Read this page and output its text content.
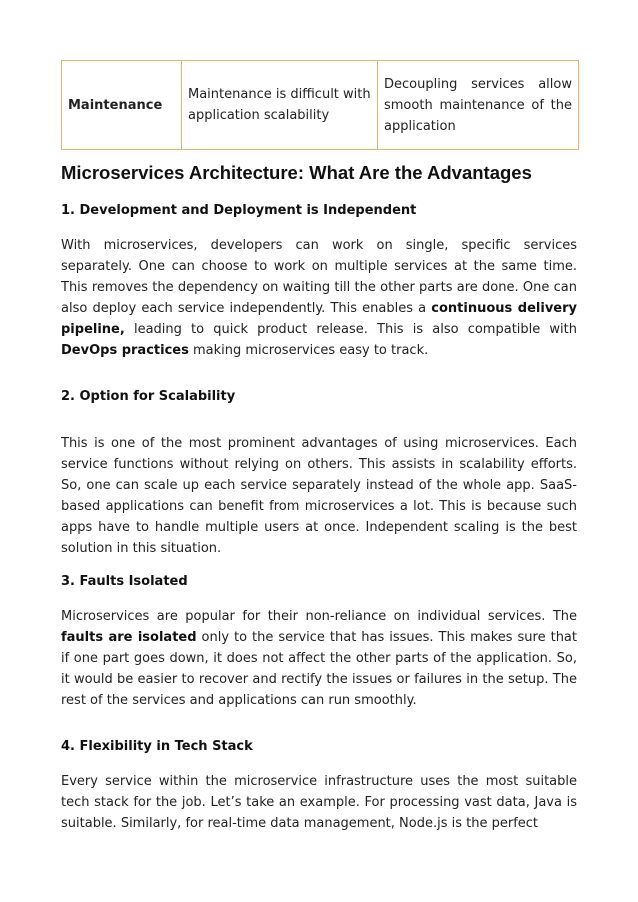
Maintenance	Maintenance is difficult with application scalability	Decoupling services allow smooth maintenance of the application
Microservices Architecture: What Are the Advantages
1. Development and Deployment is Independent

With microservices, developers can work on single, specific services separately. One can choose to work on multiple services at the same time. This removes the dependency on waiting till the other parts are done. One can also deploy each service independently. This enables a continuous delivery pipeline, leading to quick product release. This is also compatible with DevOps practices making microservices easy to track.

2. Option for Scalability

This is one of the most prominent advantages of using microservices. Each service functions without relying on others. This assists in scalability efforts. So, one can scale up each service separately instead of the whole app. SaaS-based applications can benefit from microservices a lot. This is because such apps have to handle multiple users at once. Independent scaling is the best solution in this situation.

3. Faults Isolated

Microservices are popular for their non-reliance on individual services. The faults are isolated only to the service that has issues. This makes sure that if one part goes down, it does not affect the other parts of the application. So, it would be easier to recover and rectify the issues or failures in the setup. The rest of the services and applications can run smoothly.

4. Flexibility in Tech Stack

Every service within the microservice infrastructure uses the most suitable tech stack for the job. Let’s take an example. For processing vast data, Java is suitable. Similarly, for real-time data management, Node.js is the perfect
